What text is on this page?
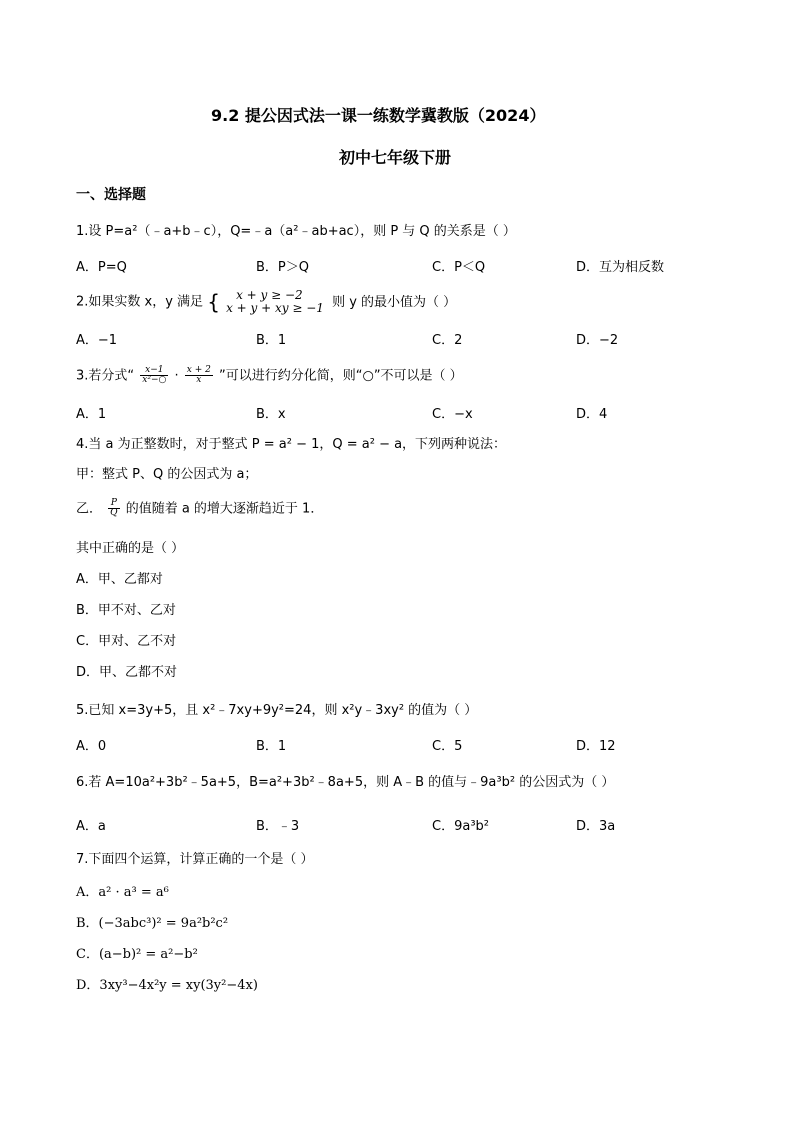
9.2 提公因式法一课一练数学冀教版（2024）
初中七年级下册
一、选择题
1.设 P=a²（﹣a+b﹣c），Q=﹣a（a²﹣ab+ac），则 P 与 Q 的关系是（ ）
A．P=Q	B．P＞Q	C．P＜Q	D．互为相反数
2.如果实数 x，y 满足 {	x + y ≥ −2
x + y + xy ≥ −1 则 y 的最小值为（ ）
A．−1	B．1	C．2	D．−2
3.若分式“ $\frac{x-1}{\text{x²−○}} \cdot \frac{x + 2}{x}$ ”可以进行约分化简，则“○”不可以是（ ）
A．1	B．x	C．−x	D．4
4.当 a 为正整数时，对于整式 P = a² − 1，Q = a² − a，下列两种说法：
甲：整式 P、Q 的公因式为 a；
乙． $\frac{P}{Q}$ 的值随着 a 的增大逐渐趋近于 1．
其中正确的是（ ）
A．甲、乙都对
B．甲不对、乙对
C．甲对、乙不对
D．甲、乙都不对
5.已知 x=3y+5，且 x²﹣7xy+9y²=24，则 x²y﹣3xy² 的值为（ ）
A．0	B．1	C．5	D．12
6.若 A=10a²+3b²﹣5a+5，B=a²+3b²﹣8a+5，则 A﹣B 的值与﹣9a³b² 的公因式为（ ）
A．a	B．﹣3	C．9a³b²	D．3a
7.下面四个运算，计算正确的一个是（ ）
A．a² · a³ = a⁶
B．(−3abc³)² = 9a²b²c²
C．(a−b)² = a²−b²
D．3xy³−4x²y = xy(3y²−4x)
